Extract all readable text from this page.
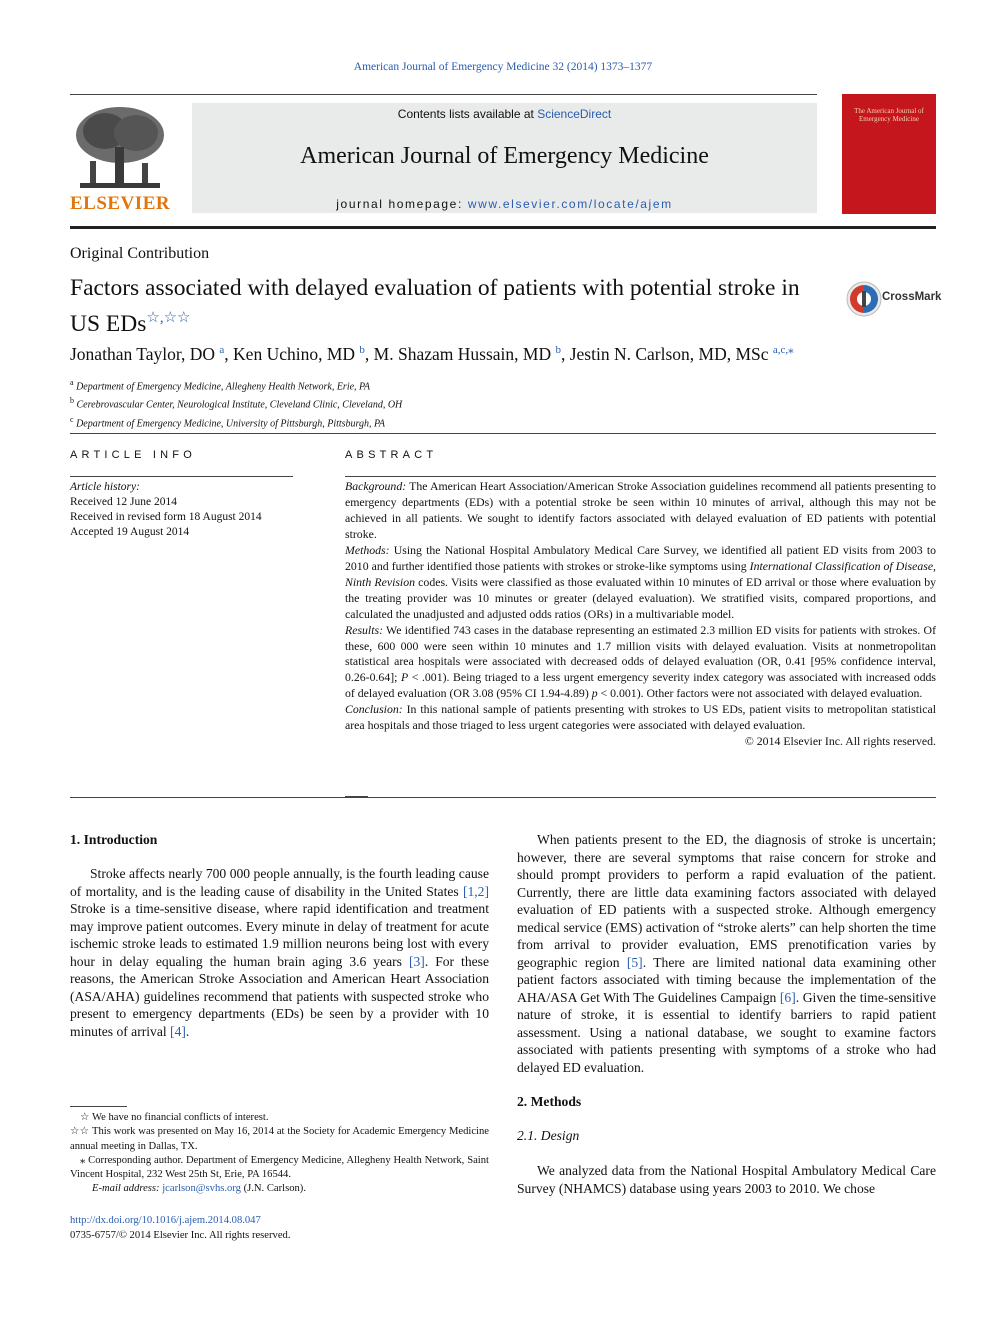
American Journal of Emergency Medicine 32 (2014) 1373–1377
ELSEVIER
Contents lists available at ScienceDirect
American Journal of Emergency Medicine
journal homepage: www.elsevier.com/locate/ajem
The American Journal of Emergency Medicine
Original Contribution
Factors associated with delayed evaluation of patients with potential stroke in US EDs☆,☆☆
CrossMark
Jonathan Taylor, DO $^a$, Ken Uchino, MD $^b$, M. Shazam Hussain, MD $^b$, Jestin N. Carlson, MD, MSc $^{a,c,⁎}$
$^a$ Department of Emergency Medicine, Allegheny Health Network, Erie, PA
$^b$ Cerebrovascular Center, Neurological Institute, Cleveland Clinic, Cleveland, OH
$^c$ Department of Emergency Medicine, University of Pittsburgh, Pittsburgh, PA
ARTICLE INFO
Article history:
Received 12 June 2014
Received in revised form 18 August 2014
Accepted 19 August 2014
ABSTRACT

Background: The American Heart Association/American Stroke Association guidelines recommend all patients presenting to emergency departments (EDs) with a potential stroke be seen within 10 minutes of arrival, although this may not be achieved in all patients. We sought to identify factors associated with delayed evaluation of ED patients with potential stroke.

Methods: Using the National Hospital Ambulatory Medical Care Survey, we identified all patient ED visits from 2003 to 2010 and further identified those patients with strokes or stroke-like symptoms using International Classification of Disease, Ninth Revision codes. Visits were classified as those evaluated within 10 minutes of ED arrival or those where evaluation by the treating provider was 10 minutes or greater (delayed evaluation). We stratified visits, compared proportions, and calculated the unadjusted and adjusted odds ratios (ORs) in a multivariable model.

Results: We identified 743 cases in the database representing an estimated 2.3 million ED visits for patients with strokes. Of these, 600 000 were seen within 10 minutes and 1.7 million visits with delayed evaluation. Visits at nonmetropolitan statistical area hospitals were associated with decreased odds of delayed evaluation (OR, 0.41 [95% confidence interval, 0.26-0.64]; P < .001). Being triaged to a less urgent emergency severity index category was associated with increased odds of delayed evaluation (OR 3.08 (95% CI 1.94-4.89) p < 0.001). Other factors were not associated with delayed evaluation.

Conclusion: In this national sample of patients presenting with strokes to US EDs, patient visits to metropolitan statistical area hospitals and those triaged to less urgent categories were associated with delayed evaluation.

© 2014 Elsevier Inc. All rights reserved.

1. Introduction

Stroke affects nearly 700 000 people annually, is the fourth leading cause of mortality, and is the leading cause of disability in the United States [1,2] Stroke is a time-sensitive disease, where rapid identification and treatment may improve patient outcomes. Every minute in delay of treatment for acute ischemic stroke leads to estimated 1.9 million neurons being lost with every hour in delay equaling the human brain aging 3.6 years [3]. For these reasons, the American Stroke Association and American Heart Association (ASA/AHA) guidelines recommend that patients with suspected stroke who present to emergency departments (EDs) be seen by a provider with 10 minutes of arrival [4].

☆ We have no financial conflicts of interest.

☆☆ This work was presented on May 16, 2014 at the Society for Academic Emergency Medicine annual meeting in Dallas, TX.

⁎ Corresponding author. Department of Emergency Medicine, Allegheny Health Network, Saint Vincent Hospital, 232 West 25th St, Erie, PA 16544.

E-mail address: jcarlson@svhs.org (J.N. Carlson).

http://dx.doi.org/10.1016/j.ajem.2014.08.047
0735-6757/© 2014 Elsevier Inc. All rights reserved.

When patients present to the ED, the diagnosis of stroke is uncertain; however, there are several symptoms that raise concern for stroke and should prompt providers to perform a rapid evaluation of the patient. Currently, there are little data examining factors associated with delayed evaluation of ED patients with a suspected stroke. Although emergency medical service (EMS) activation of “stroke alerts” can help shorten the time from arrival to provider evaluation, EMS prenotification varies by geographic region [5]. There are limited national data examining other patient factors associated with timing because the implementation of the AHA/ASA Get With The Guidelines Campaign [6]. Given the time-sensitive nature of stroke, it is essential to identify barriers to rapid patient assessment. Using a national database, we sought to examine factors associated with patients presenting with symptoms of a stroke who had delayed ED evaluation.

2. Methods
2.1. Design

We analyzed data from the National Hospital Ambulatory Medical Care Survey (NHAMCS) database using years 2003 to 2010. We chose
